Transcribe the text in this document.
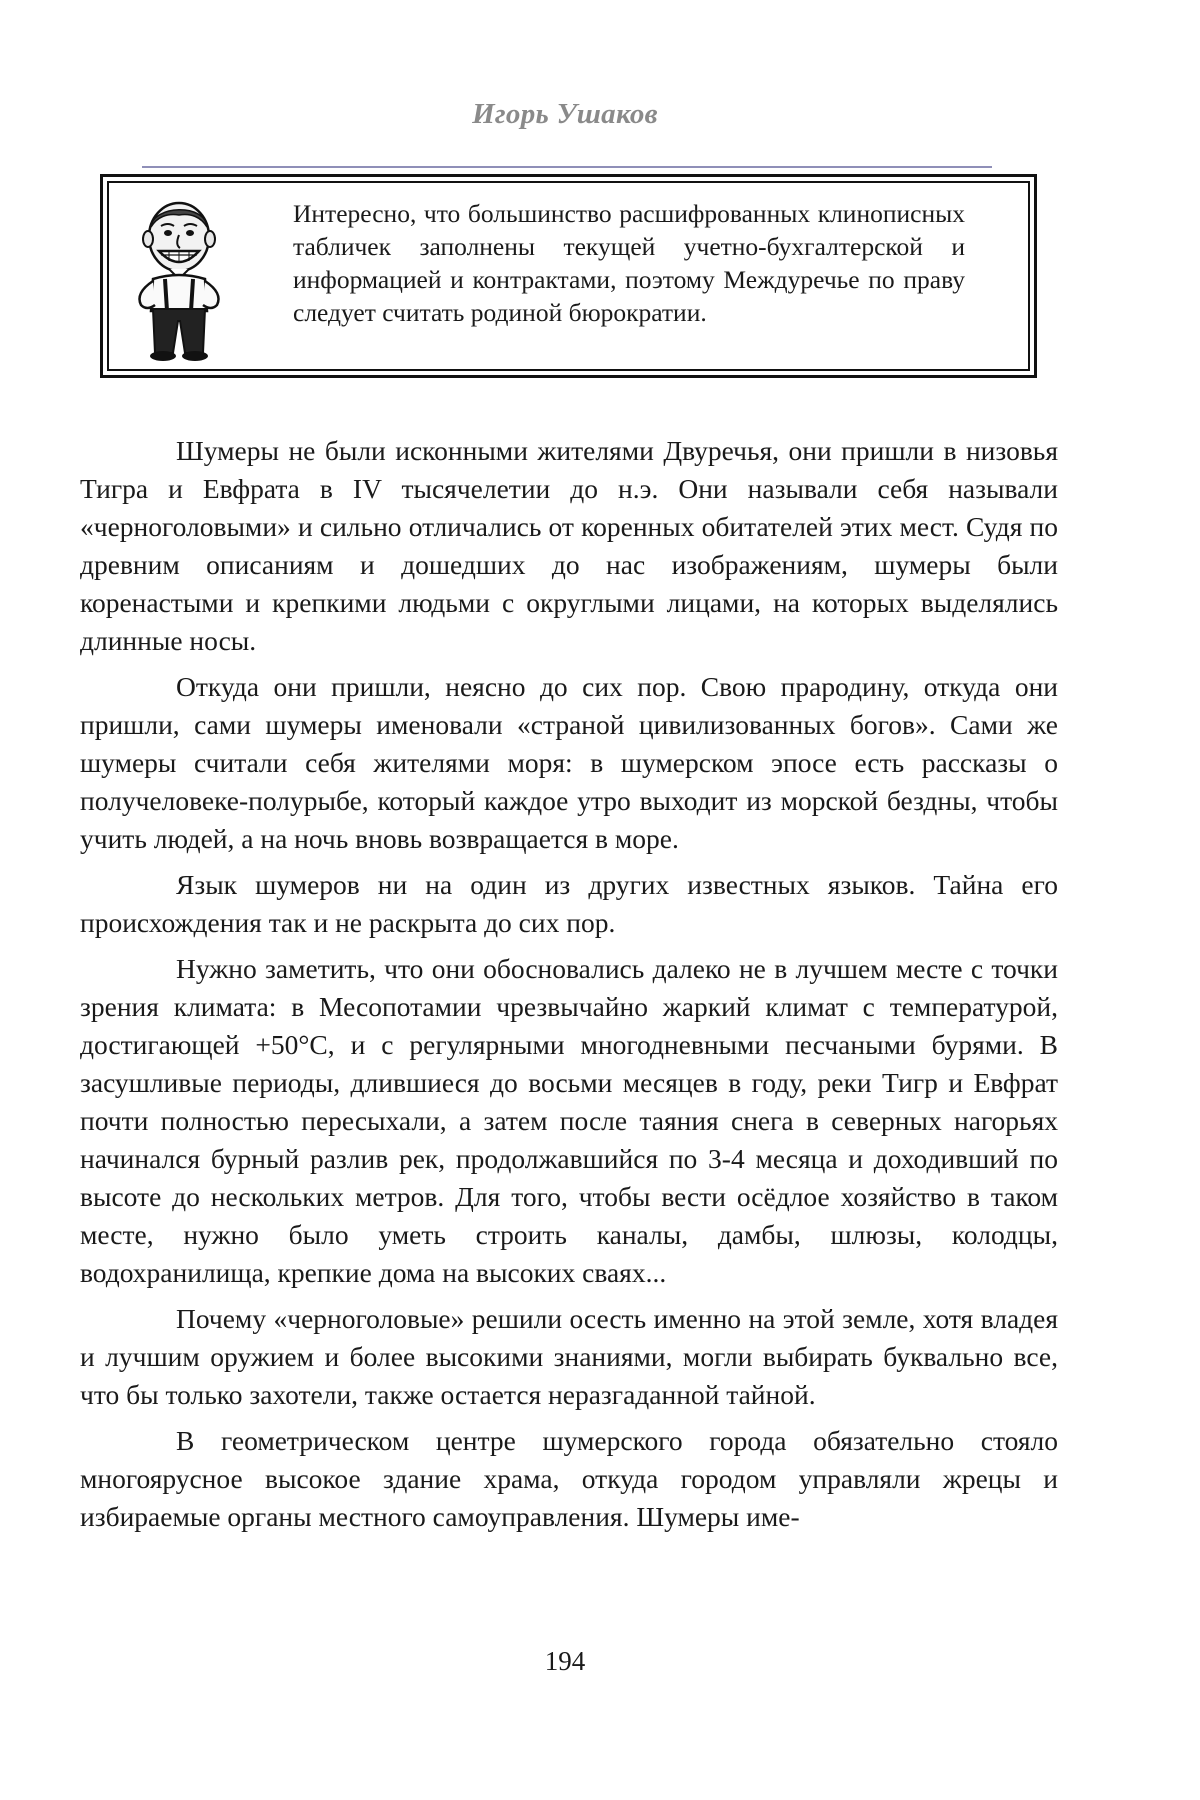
Игорь Ушаков
Интересно, что большинство расшифрованных клинописных табличек заполнены текущей учетно-бухгалтерской и информацией и контрактами, поэтому Междуречье по праву следует считать родиной бюрократии.

Шумеры не были исконными жителями Двуречья, они пришли в низовья Тигра и Евфрата в IV тысячелетии до н.э. Они называли себя называли «черноголовыми» и сильно отличались от коренных обитателей этих мест. Судя по древним описаниям и дошедших до нас изображениям, шумеры были коренастыми и крепкими людьми с округлыми лицами, на которых выделялись длинные носы.

Откуда они пришли, неясно до сих пор. Свою прародину, откуда они пришли, сами шумеры именовали «страной цивилизованных богов». Сами же шумеры считали себя жителями моря: в шумерском эпосе есть рассказы о получеловеке-полурыбе, который каждое утро выходит из морской бездны, чтобы учить людей, а на ночь вновь возвращается в море.

Язык шумеров ни на один из других известных языков. Тайна его происхождения так и не раскрыта до сих пор.

Нужно заметить, что они обосновались далеко не в лучшем месте с точки зрения климата: в Месопотамии чрезвычайно жаркий климат с температурой, достигающей +50°С, и с регулярными многодневными песчаными бурями. В засушливые периоды, длившиеся до восьми месяцев в году, реки Тигр и Евфрат почти полностью пересыхали, а затем после таяния снега в северных нагорьях начинался бурный разлив рек, продолжавшийся по 3-4 месяца и доходивший по высоте до нескольких метров. Для того, чтобы вести осёдлое хозяйство в таком месте, нужно было уметь строить каналы, дамбы, шлюзы, колодцы, водохранилища, крепкие дома на высоких сваях...

Почему «черноголовые» решили осесть именно на этой земле, хотя владея и лучшим оружием и более высокими знаниями, могли выбирать буквально все, что бы только захотели, также остается неразгаданной тайной.

В геометрическом центре шумерского города обязательно стояло многоярусное высокое здание храма, откуда городом управляли жрецы и избираемые органы местного самоуправления. Шумеры име-

194
